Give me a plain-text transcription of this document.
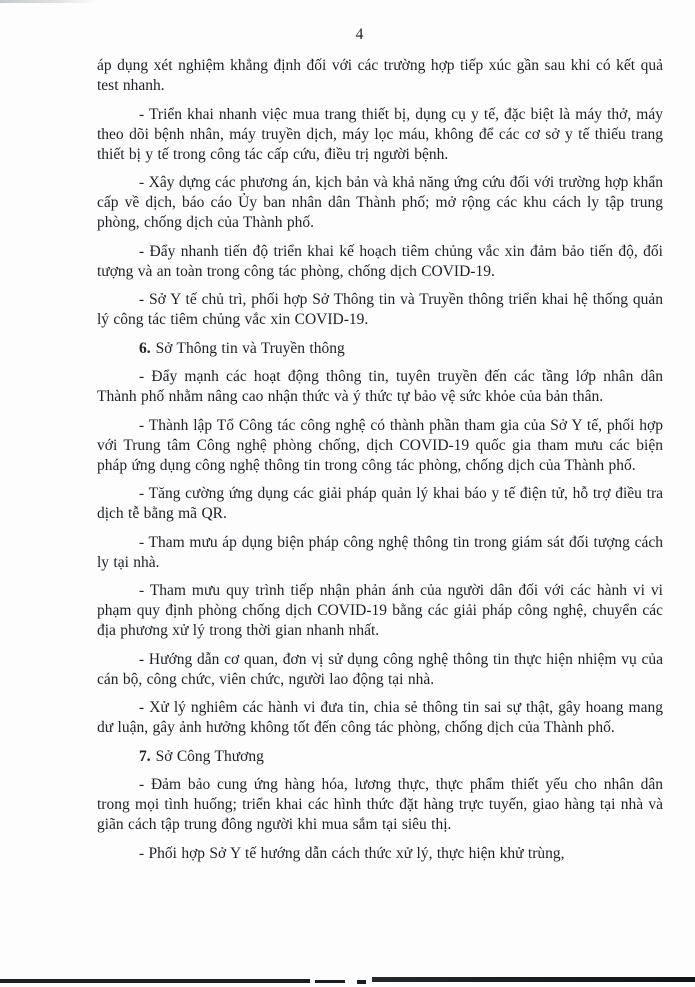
4

áp dụng xét nghiệm khẳng định đối với các trường hợp tiếp xúc gần sau khi có kết quả test nhanh.

- Triển khai nhanh việc mua trang thiết bị, dụng cụ y tế, đặc biệt là máy thở, máy theo dõi bệnh nhân, máy truyền dịch, máy lọc máu, không để các cơ sở y tế thiếu trang thiết bị y tế trong công tác cấp cứu, điều trị người bệnh.

- Xây dựng các phương án, kịch bản và khả năng ứng cứu đối với trường hợp khẩn cấp về dịch, báo cáo Ủy ban nhân dân Thành phố; mở rộng các khu cách ly tập trung phòng, chống dịch của Thành phố.

- Đẩy nhanh tiến độ triển khai kế hoạch tiêm chủng vắc xin đảm bảo tiến độ, đối tượng và an toàn trong công tác phòng, chống dịch COVID-19.

- Sở Y tế chủ trì, phối hợp Sở Thông tin và Truyền thông triển khai hệ thống quản lý công tác tiêm chủng vắc xin COVID-19.

6. Sở Thông tin và Truyền thông

- Đẩy mạnh các hoạt động thông tin, tuyên truyền đến các tầng lớp nhân dân Thành phố nhằm nâng cao nhận thức và ý thức tự bảo vệ sức khỏe của bản thân.

- Thành lập Tổ Công tác công nghệ có thành phần tham gia của Sở Y tế, phối hợp với Trung tâm Công nghệ phòng chống, dịch COVID-19 quốc gia tham mưu các biện pháp ứng dụng công nghệ thông tin trong công tác phòng, chống dịch của Thành phố.

- Tăng cường ứng dụng các giải pháp quản lý khai báo y tế điện tử, hỗ trợ điều tra dịch tễ bằng mã QR.

- Tham mưu áp dụng biện pháp công nghệ thông tin trong giám sát đối tượng cách ly tại nhà.

- Tham mưu quy trình tiếp nhận phản ánh của người dân đối với các hành vi vi phạm quy định phòng chống dịch COVID-19 bằng các giải pháp công nghệ, chuyển các địa phương xử lý trong thời gian nhanh nhất.

- Hướng dẫn cơ quan, đơn vị sử dụng công nghệ thông tin thực hiện nhiệm vụ của cán bộ, công chức, viên chức, người lao động tại nhà.

- Xử lý nghiêm các hành vi đưa tin, chia sẻ thông tin sai sự thật, gây hoang mang dư luận, gây ảnh hưởng không tốt đến công tác phòng, chống dịch của Thành phố.

7. Sở Công Thương

- Đảm bảo cung ứng hàng hóa, lương thực, thực phẩm thiết yếu cho nhân dân trong mọi tình huống; triển khai các hình thức đặt hàng trực tuyến, giao hàng tại nhà và giãn cách tập trung đông người khi mua sắm tại siêu thị.

- Phối hợp Sở Y tế hướng dẫn cách thức xử lý, thực hiện khử trùng,
